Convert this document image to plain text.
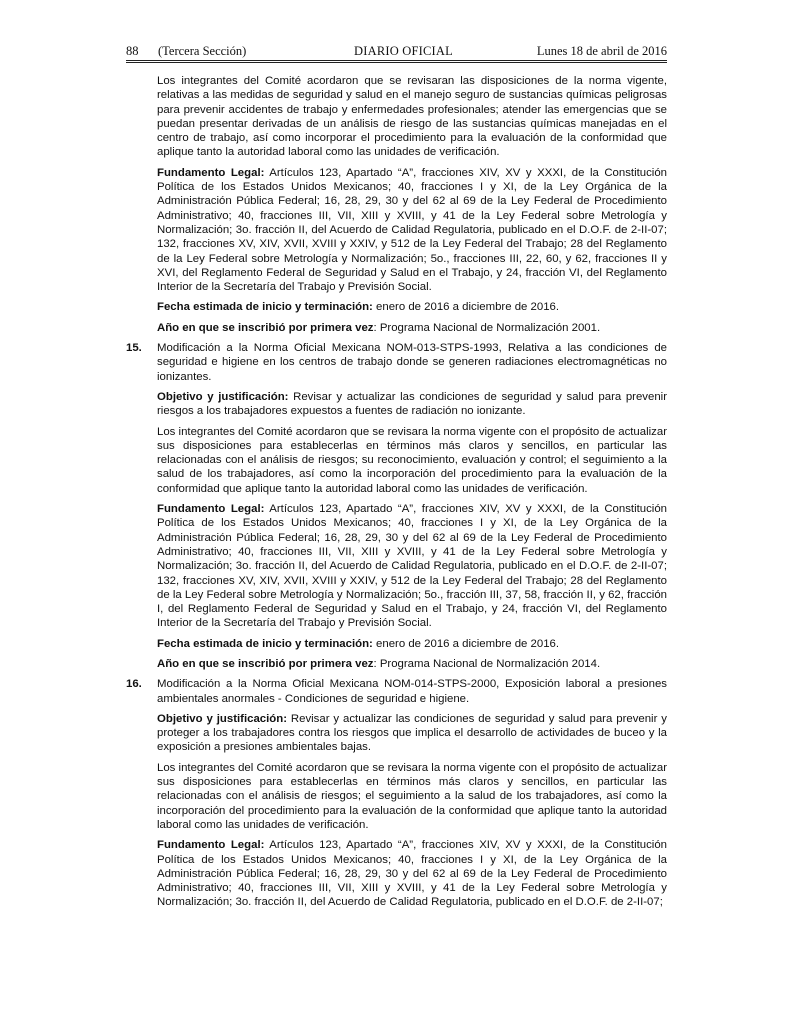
88 (Tercera Sección)	DIARIO OFICIAL	Lunes 18 de abril de 2016

Los integrantes del Comité acordaron que se revisaran las disposiciones de la norma vigente, relativas a las medidas de seguridad y salud en el manejo seguro de sustancias químicas peligrosas para prevenir accidentes de trabajo y enfermedades profesionales; atender las emergencias que se puedan presentar derivadas de un análisis de riesgo de las sustancias químicas manejadas en el centro de trabajo, así como incorporar el procedimiento para la evaluación de la conformidad que aplique tanto la autoridad laboral como las unidades de verificación.

Fundamento Legal: Artículos 123, Apartado “A”, fracciones XIV, XV y XXXI, de la Constitución Política de los Estados Unidos Mexicanos; 40, fracciones I y XI, de la Ley Orgánica de la Administración Pública Federal; 16, 28, 29, 30 y del 62 al 69 de la Ley Federal de Procedimiento Administrativo; 40, fracciones III, VII, XIII y XVIII, y 41 de la Ley Federal sobre Metrología y Normalización; 3o. fracción II, del Acuerdo de Calidad Regulatoria, publicado en el D.O.F. de 2-II-07; 132, fracciones XV, XIV, XVII, XVIII y XXIV, y 512 de la Ley Federal del Trabajo; 28 del Reglamento de la Ley Federal sobre Metrología y Normalización; 5o., fracciones III, 22, 60, y 62, fracciones II y XVI, del Reglamento Federal de Seguridad y Salud en el Trabajo, y 24, fracción VI, del Reglamento Interior de la Secretaría del Trabajo y Previsión Social.

Fecha estimada de inicio y terminación: enero de 2016 a diciembre de 2016.

Año en que se inscribió por primera vez: Programa Nacional de Normalización 2001.

15. Modificación a la Norma Oficial Mexicana NOM-013-STPS-1993, Relativa a las condiciones de seguridad e higiene en los centros de trabajo donde se generen radiaciones electromagnéticas no ionizantes.

Objetivo y justificación: Revisar y actualizar las condiciones de seguridad y salud para prevenir riesgos a los trabajadores expuestos a fuentes de radiación no ionizante.

Los integrantes del Comité acordaron que se revisara la norma vigente con el propósito de actualizar sus disposiciones para establecerlas en términos más claros y sencillos, en particular las relacionadas con el análisis de riesgos; su reconocimiento, evaluación y control; el seguimiento a la salud de los trabajadores, así como la incorporación del procedimiento para la evaluación de la conformidad que aplique tanto la autoridad laboral como las unidades de verificación.

Fundamento Legal: Artículos 123, Apartado “A”, fracciones XIV, XV y XXXI, de la Constitución Política de los Estados Unidos Mexicanos; 40, fracciones I y XI, de la Ley Orgánica de la Administración Pública Federal; 16, 28, 29, 30 y del 62 al 69 de la Ley Federal de Procedimiento Administrativo; 40, fracciones III, VII, XIII y XVIII, y 41 de la Ley Federal sobre Metrología y Normalización; 3o. fracción II, del Acuerdo de Calidad Regulatoria, publicado en el D.O.F. de 2-II-07; 132, fracciones XV, XIV, XVII, XVIII y XXIV, y 512 de la Ley Federal del Trabajo; 28 del Reglamento de la Ley Federal sobre Metrología y Normalización; 5o., fracción III, 37, 58, fracción II, y 62, fracción I, del Reglamento Federal de Seguridad y Salud en el Trabajo, y 24, fracción VI, del Reglamento Interior de la Secretaría del Trabajo y Previsión Social.

Fecha estimada de inicio y terminación: enero de 2016 a diciembre de 2016.

Año en que se inscribió por primera vez: Programa Nacional de Normalización 2014.

16. Modificación a la Norma Oficial Mexicana NOM-014-STPS-2000, Exposición laboral a presiones ambientales anormales - Condiciones de seguridad e higiene.

Objetivo y justificación: Revisar y actualizar las condiciones de seguridad y salud para prevenir y proteger a los trabajadores contra los riesgos que implica el desarrollo de actividades de buceo y la exposición a presiones ambientales bajas.

Los integrantes del Comité acordaron que se revisara la norma vigente con el propósito de actualizar sus disposiciones para establecerlas en términos más claros y sencillos, en particular las relacionadas con el análisis de riesgos; el seguimiento a la salud de los trabajadores, así como la incorporación del procedimiento para la evaluación de la conformidad que aplique tanto la autoridad laboral como las unidades de verificación.

Fundamento Legal: Artículos 123, Apartado “A”, fracciones XIV, XV y XXXI, de la Constitución Política de los Estados Unidos Mexicanos; 40, fracciones I y XI, de la Ley Orgánica de la Administración Pública Federal; 16, 28, 29, 30 y del 62 al 69 de la Ley Federal de Procedimiento Administrativo; 40, fracciones III, VII, XIII y XVIII, y 41 de la Ley Federal sobre Metrología y Normalización; 3o. fracción II, del Acuerdo de Calidad Regulatoria, publicado en el D.O.F. de 2-II-07;
